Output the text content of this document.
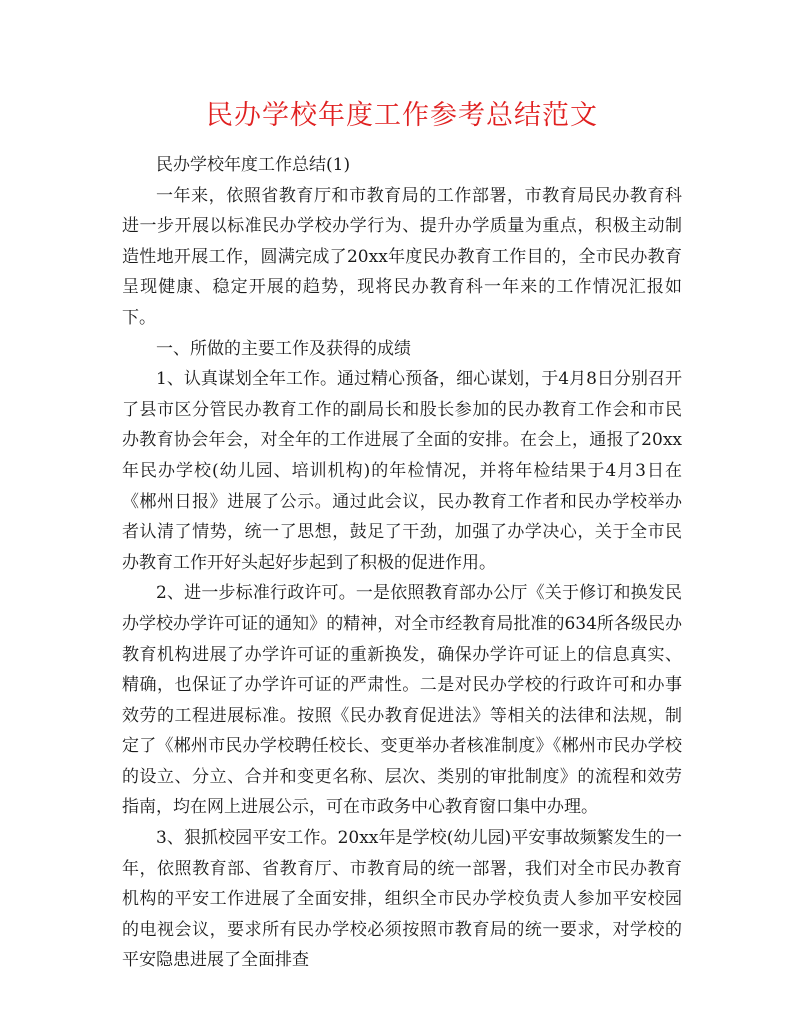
民办学校年度工作参考总结范文

民办学校年度工作总结(1)

一年来，依照省教育厅和市教育局的工作部署，市教育局民办教育科进一步开展以标准民办学校办学行为、提升办学质量为重点，积极主动制造性地开展工作，圆满完成了20xx年度民办教育工作目的，全市民办教育呈现健康、稳定开展的趋势，现将民办教育科一年来的工作情况汇报如下。

一、所做的主要工作及获得的成绩

1、认真谋划全年工作。通过精心预备，细心谋划，于4月8日分别召开了县市区分管民办教育工作的副局长和股长参加的民办教育工作会和市民办教育协会年会，对全年的工作进展了全面的安排。在会上，通报了20xx年民办学校(幼儿园、培训机构)的年检情况，并将年检结果于4月3日在《郴州日报》进展了公示。通过此会议，民办教育工作者和民办学校举办者认清了情势，统一了思想，鼓足了干劲，加强了办学决心，关于全市民办教育工作开好头起好步起到了积极的促进作用。

2、进一步标准行政许可。一是依照教育部办公厅《关于修订和换发民办学校办学许可证的通知》的精神，对全市经教育局批准的634所各级民办教育机构进展了办学许可证的重新换发，确保办学许可证上的信息真实、精确，也保证了办学许可证的严肃性。二是对民办学校的行政许可和办事效劳的工程进展标准。按照《民办教育促进法》等相关的法律和法规，制定了《郴州市民办学校聘任校长、变更举办者核准制度》《郴州市民办学校的设立、分立、合并和变更名称、层次、类别的审批制度》的流程和效劳指南，均在网上进展公示，可在市政务中心教育窗口集中办理。

3、狠抓校园平安工作。20xx年是学校(幼儿园)平安事故频繁发生的一年，依照教育部、省教育厅、市教育局的统一部署，我们对全市民办教育机构的平安工作进展了全面安排，组织全市民办学校负责人参加平安校园的电视会议，要求所有民办学校必须按照市教育局的统一要求，对学校的平安隐患进展了全面排查
